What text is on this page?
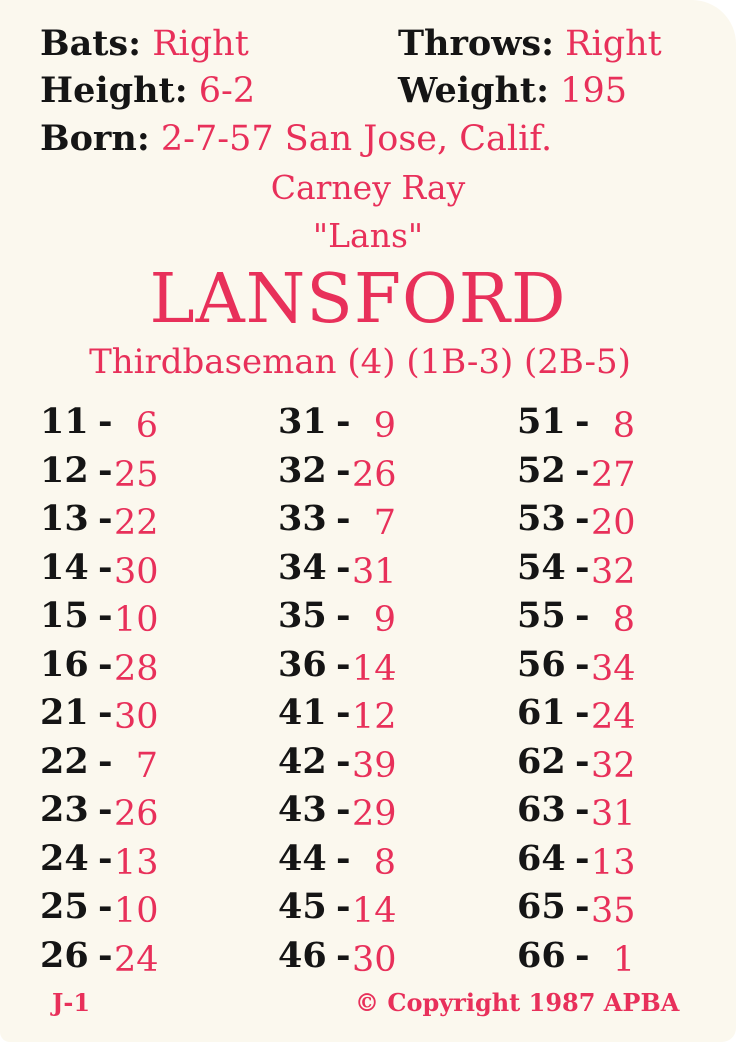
Bats: Right	Throws: Right
Height: 6-2	Weight: 195
Born: 2-7-57 San Jose, Calif.
Carney Ray
"Lans"
LANSFORD
Thirdbaseman (4) (1B-3) (2B-5)
11 - 6
12 -25
13 -22
14 -30
15 -10
16 -28
21 -30
22 - 7
23 -26
24 -13
25 -10
26 -24
31 - 9
32 -26
33 - 7
34 -31
35 - 9
36 -14
41 -12
42 -39
43 -29
44 - 8
45 -14
46 -30
51 - 8
52 -27
53 -20
54 -32
55 - 8
56 -34
61 -24
62 -32
63 -31
64 -13
65 -35
66 - 1
J-1	© Copyright 1987 APBA
